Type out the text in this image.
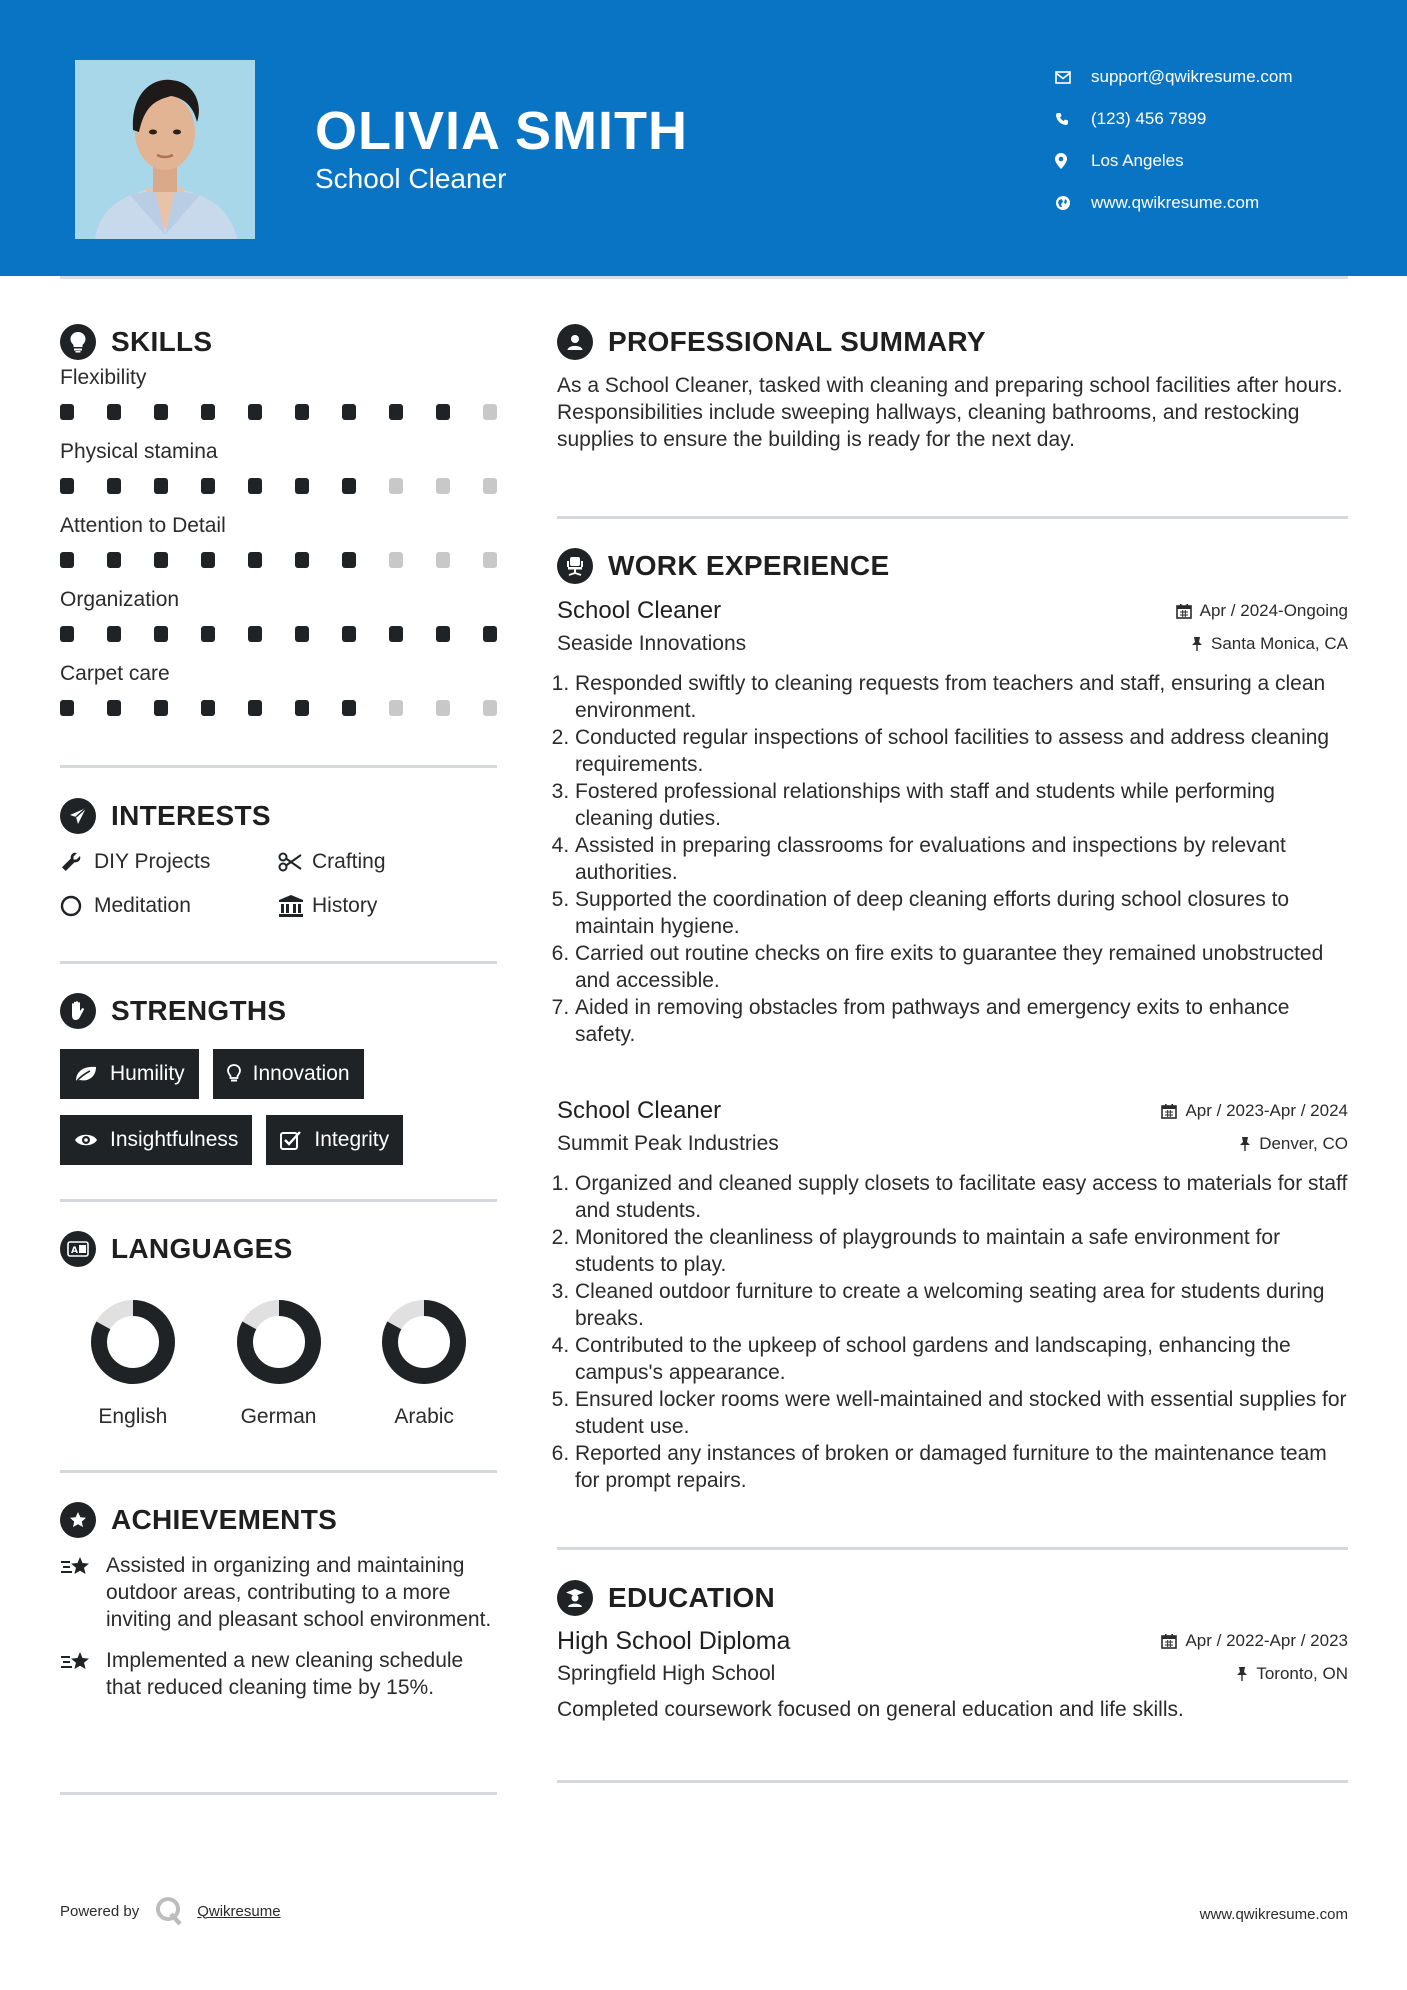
OLIVIA SMITH
School Cleaner
support@qwikresume.com
(123) 456 7899
Los Angeles
www.qwikresume.com
SKILLS
Flexibility
Physical stamina
Attention to Detail
Organization
Carpet care
INTERESTS
DIY Projects	Crafting
Meditation	History
STRENGTHS
Humility	Innovation
Insightfulness	Integrity
A LANGUAGES
English	German	Arabic
ACHIEVEMENTS
Assisted in organizing and maintaining outdoor areas, contributing to a more inviting and pleasant school environment.
Implemented a new cleaning schedule that reduced cleaning time by 15%.
PROFESSIONAL SUMMARY

As a School Cleaner, tasked with cleaning and preparing school facilities after hours. Responsibilities include sweeping hallways, cleaning bathrooms, and restocking supplies to ensure the building is ready for the next day.

WORK EXPERIENCE
School Cleaner	Apr / 2024-Ongoing
Seaside Innovations	Santa Monica, CA
1. Responded swiftly to cleaning requests from teachers and staff, ensuring a clean environment.
2. Conducted regular inspections of school facilities to assess and address cleaning requirements.
3. Fostered professional relationships with staff and students while performing cleaning duties.
4. Assisted in preparing classrooms for evaluations and inspections by relevant authorities.
5. Supported the coordination of deep cleaning efforts during school closures to maintain hygiene.
6. Carried out routine checks on fire exits to guarantee they remained unobstructed and accessible.
7. Aided in removing obstacles from pathways and emergency exits to enhance safety.
School Cleaner	Apr / 2023-Apr / 2024
Summit Peak Industries	Denver, CO
1. Organized and cleaned supply closets to facilitate easy access to materials for staff and students.
2. Monitored the cleanliness of playgrounds to maintain a safe environment for students to play.
3. Cleaned outdoor furniture to create a welcoming seating area for students during breaks.
4. Contributed to the upkeep of school gardens and landscaping, enhancing the campus's appearance.
5. Ensured locker rooms were well-maintained and stocked with essential supplies for student use.
6. Reported any instances of broken or damaged furniture to the maintenance team for prompt repairs.
EDUCATION
High School Diploma	Apr / 2022-Apr / 2023
Springfield High School	Toronto, ON

Completed coursework focused on general education and life skills.

Powered by	Qwikresume	www.qwikresume.com
